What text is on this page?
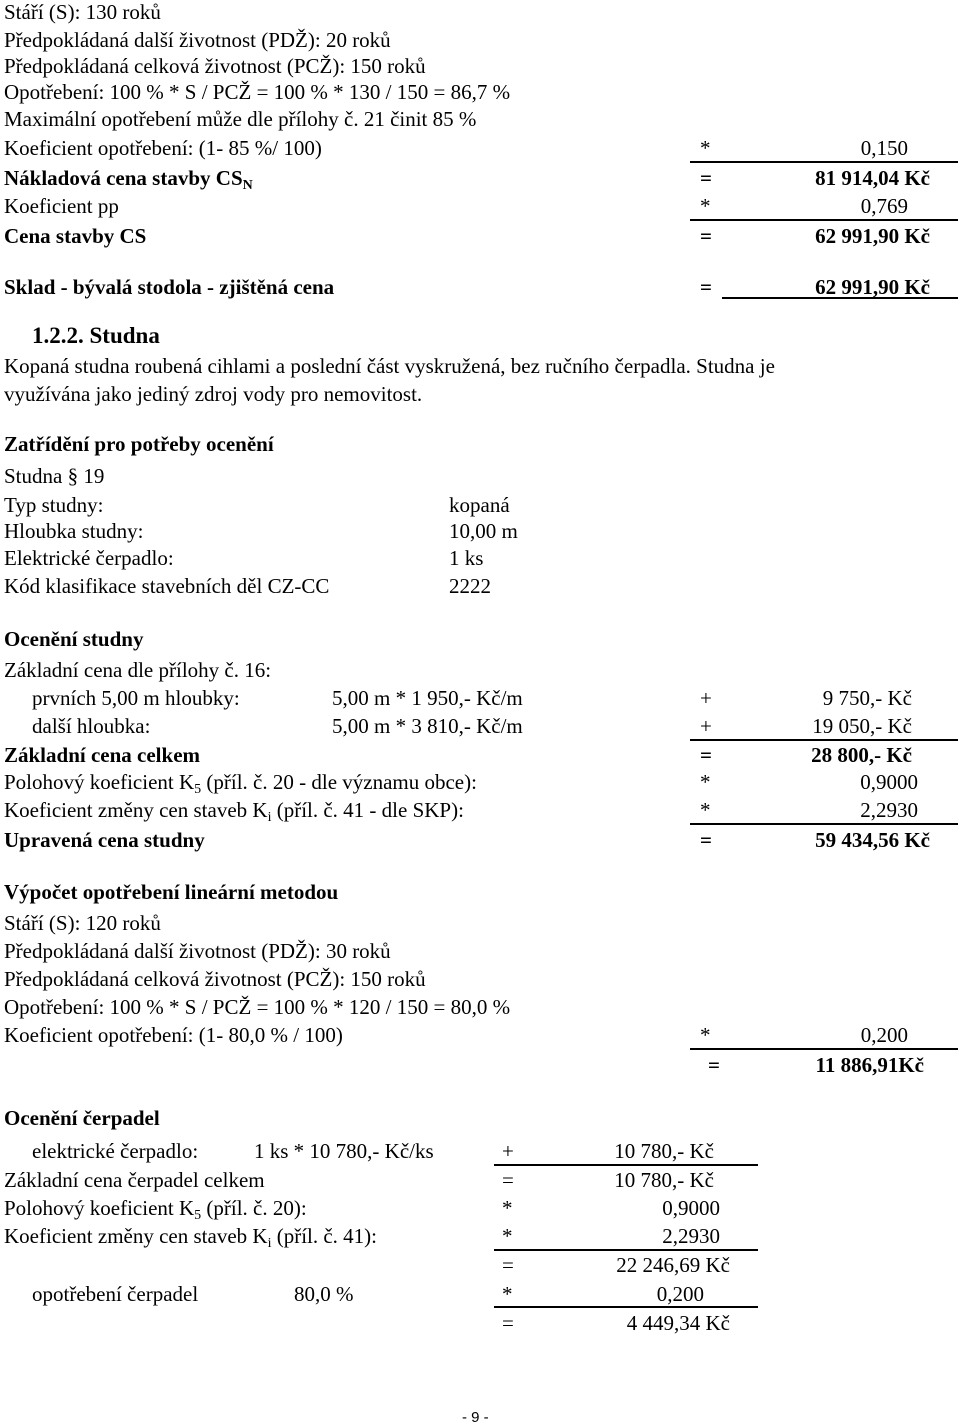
Stáří (S): 130 roků
Předpokládaná další životnost (PDŽ): 20 roků
Předpokládaná celková životnost (PCŽ): 150 roků
Opotřebení: 100 % * S / PCŽ = 100 % * 130 / 150 = 86,7 %
Maximální opotřebení může dle přílohy č. 21 činit 85 %
Koeficient opotřebení: (1- 85 %/ 100)	*	0,150
Nákladová cena stavby $CS_N$	=	81 914,04 Kč
Koeficient pp	*	0,769
Cena stavby CS	=	62 991,90 Kč
Sklad - bývalá stodola - zjištěná cena	=	62 991,90 Kč
1.2.2. Studna
Kopaná studna roubená cihlami a poslední část vyskružená, bez ručního čerpadla. Studna je
využívána jako jediný zdroj vody pro nemovitost.
Zatřídění pro potřeby ocenění
Studna § 19
Typ studny:	kopaná
Hloubka studny:	10,00 m
Elektrické čerpadlo:	1 ks
Kód klasifikace stavebních děl CZ-CC	2222
Ocenění studny
Základní cena dle přílohy č. 16:
prvních 5,00 m hloubky:	5,00 m * 1 950,- Kč/m	+	9 750,- Kč
další hloubka:	5,00 m * 3 810,- Kč/m	+	19 050,- Kč
Základní cena celkem	=	28 800,- Kč
Polohový koeficient $K_5$ (příl. č. 20 - dle významu obce):	*	0,9000
Koeficient změny cen staveb $K_i$ (příl. č. 41 - dle SKP):	*	2,2930
Upravená cena studny	=	59 434,56 Kč
Výpočet opotřebení lineární metodou
Stáří (S): 120 roků
Předpokládaná další životnost (PDŽ): 30 roků
Předpokládaná celková životnost (PCŽ): 150 roků
Opotřebení: 100 % * S / PCŽ = 100 % * 120 / 150 = 80,0 %
Koeficient opotřebení: (1- 80,0 % / 100)	*	0,200
=	11 886,91Kč
Ocenění čerpadel
elektrické čerpadlo:	1 ks * 10 780,- Kč/ks	+	10 780,- Kč
Základní cena čerpadel celkem	=	10 780,- Kč
Polohový koeficient $K_5$ (příl. č. 20):	*	0,9000
Koeficient změny cen staveb $K_i$ (příl. č. 41):	*	2,2930
=	22 246,69 Kč
opotřebení čerpadel	80,0 %	*	0,200
=	4 449,34 Kč
- 9 -
